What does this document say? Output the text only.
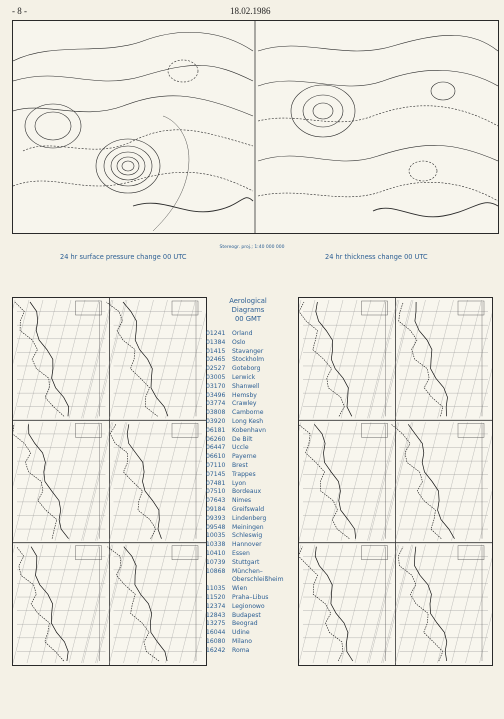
- 8 -	18.02.1986
Stereogr. proj.; 1:40 000 000
24 hr surface pressure change 00 UTC	24 hr thickness change 00 UTC
Aerological
Diagrams
00 GMT
01241	Orland
01384	Oslo
01415	Stavanger
02465	Stockholm
02527	Goteborg
03005	Lerwick
03170	Shanwell
03496	Hemsby
03774	Crawley
03808	Camborne
03920	Long Kesh
06181	Kobenhavn
06260	De Bilt
06447	Uccle
06610	Payerne
07110	Brest
07145	Trappes
07481	Lyon
07510	Bordeaux
07643	Nimes
09184	Greifswald
09393	Lindenberg
09548	Meiningen
10035	Schleswig
10338	Hannover
10410	Essen
10739	Stuttgart
10868	München–
Oberschleißheim
11035	Wien
11520	Praha–Libus
12374	Legionowo
12843	Budapest
13275	Beograd
16044	Udine
16080	Milano
16242	Roma
